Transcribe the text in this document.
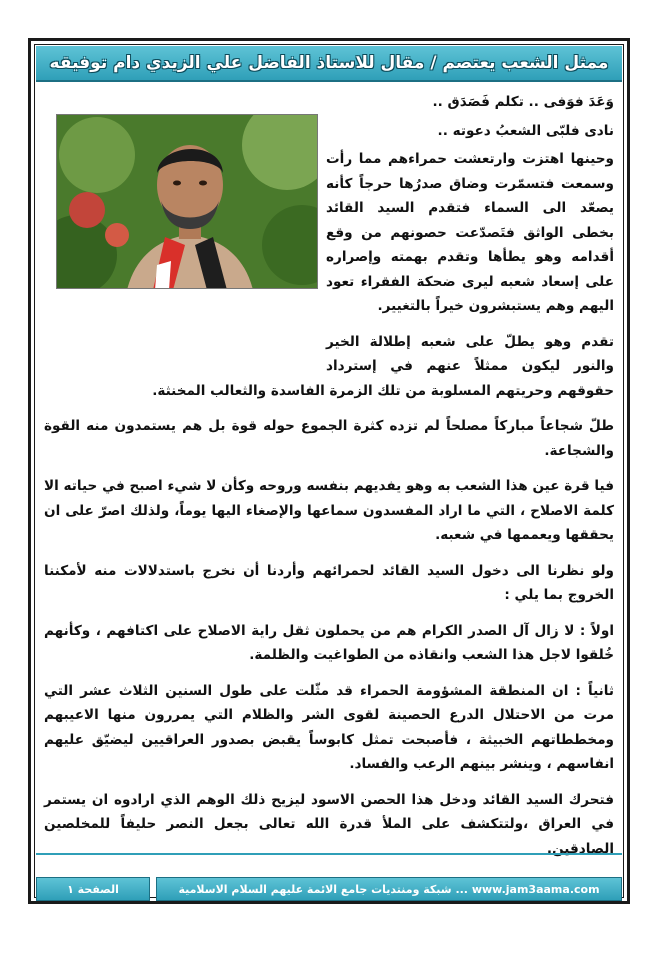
ممثل الشعب يعتصم / مقال للاستاذ الفاضل علي الزيدي دام توفيقه

وَعَدَ فوَفى .. تكلم فَصَدَق ..

نادى فلبّى الشعبُ دعوته ..

وحينها اهتزت وارتعشت حمراءهم مما رأت وسمعت فتسمّرت وضاق صدرُها حرجاً كأنه يصعّد الى السماء فتقدم السيد القائد بخطى الواثق فتَصدّعت حصونهم من وقع أقدامه وهو يطأها وتقدم بهمته وإصراره على إسعاد شعبه ليرى ضحكة الفقراء تعود اليهم وهم يستبشرون خيراً بالتغيير.

تقدم وهو يطلّ على شعبه إطلالة الخير والنور ليكون ممثلاً عنهم في إسترداد حقوقهم وحريتهم المسلوبة من تلك الزمرة الفاسدة والثعالب المخنثة.

طلّ شجاعاً مباركاً مصلحاً لم تزده كثرة الجموع حوله قوة بل هم يستمدون منه القوة والشجاعة.

فيا قرة عين هذا الشعب به وهو يفديهم بنفسه وروحه وكأن لا شيء اصبح في حياته الا كلمة الاصلاح ، التي ما اراد المفسدون سماعها والإصغاء اليها يوماً، ولذلك اصرّ على ان يحققها ويعممها في شعبه.

ولو نظرنا الى دخول السيد القائد لحمرائهم وأردنا أن نخرج باستدلالات منه لأمكننا الخروج بما يلي :

اولاً : لا زال آل الصدر الكرام هم من يحملون ثقل راية الاصلاح على اكتافهم ، وكأنهم خُلقوا لاجل هذا الشعب وانقاذه من الطواغيت والظلمة.

ثانياً : ان المنطقة المشؤومة الحمراء قد مثّلت على طول السنين الثلاث عشر التي مرت من الاحتلال الدرع الحصينة لقوى الشر والظلام التي يمررون منها الاعيبهم ومخططاتهم الخبيثة ، فأصبحت تمثل كابوساً يقبض بصدور العراقيين ليضيّق عليهم انفاسهم ، وينشر بينهم الرعب والفساد.

فتحرك السيد القائد ودخل هذا الحصن الاسود ليزيح ذلك الوهم الذي ارادوه ان يستمر في العراق ،ولتتكشف على الملأ قدرة الله تعالى بجعل النصر حليفاً للمخلصين الصادقين.

شبكة ومنتديات جامع الائمة عليهم السلام الاسلامية ... www.jam3aama.com
الصفحة ١
